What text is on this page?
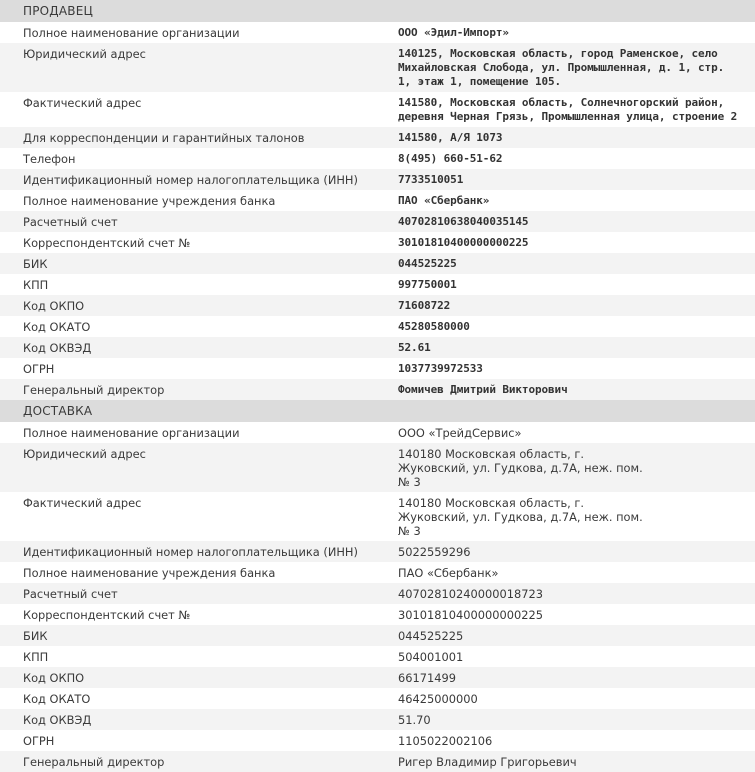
ПРОДАВЕЦ
Полное наименование организации	ООО «Эдил-Импорт»
Юридический адрес	140125, Московская область, город Раменское, село Михайловская Слобода, ул. Промышленная, д. 1, стр. 1, этаж 1, помещение 105.
Фактический адрес	141580, Московская область, Солнечногорский район, деревня Черная Грязь, Промышленная улица, строение 2
Для корреспонденции и гарантийных талонов	141580, А/Я 1073
Телефон	8(495) 660-51-62
Идентификационный номер налогоплательщика (ИНН)	7733510051
Полное наименование учреждения банка	ПАО «Сбербанк»
Расчетный счет	40702810638040035145
Корреспондентский счет №	30101810400000000225
БИК	044525225
КПП	997750001
Код ОКПО	71608722
Код ОКАТО	45280580000
Код ОКВЭД	52.61
ОГРН	1037739972533
Генеральный директор	Фомичев Дмитрий Викторович
ДОСТАВКА
Полное наименование организации	ООО «ТрейдСервис»
Юридический адрес	140180 Московская область, г. Жуковский, ул. Гудкова, д.7А, неж. пом. № 3
Фактический адрес	140180 Московская область, г. Жуковский, ул. Гудкова, д.7А, неж. пом. № 3
Идентификационный номер налогоплательщика (ИНН)	5022559296
Полное наименование учреждения банка	ПАО «Сбербанк»
Расчетный счет	40702810240000018723
Корреспондентский счет №	30101810400000000225
БИК	044525225
КПП	504001001
Код ОКПО	66171499
Код ОКАТО	46425000000
Код ОКВЭД	51.70
ОГРН	1105022002106
Генеральный директор	Ригер Владимир Григорьевич
